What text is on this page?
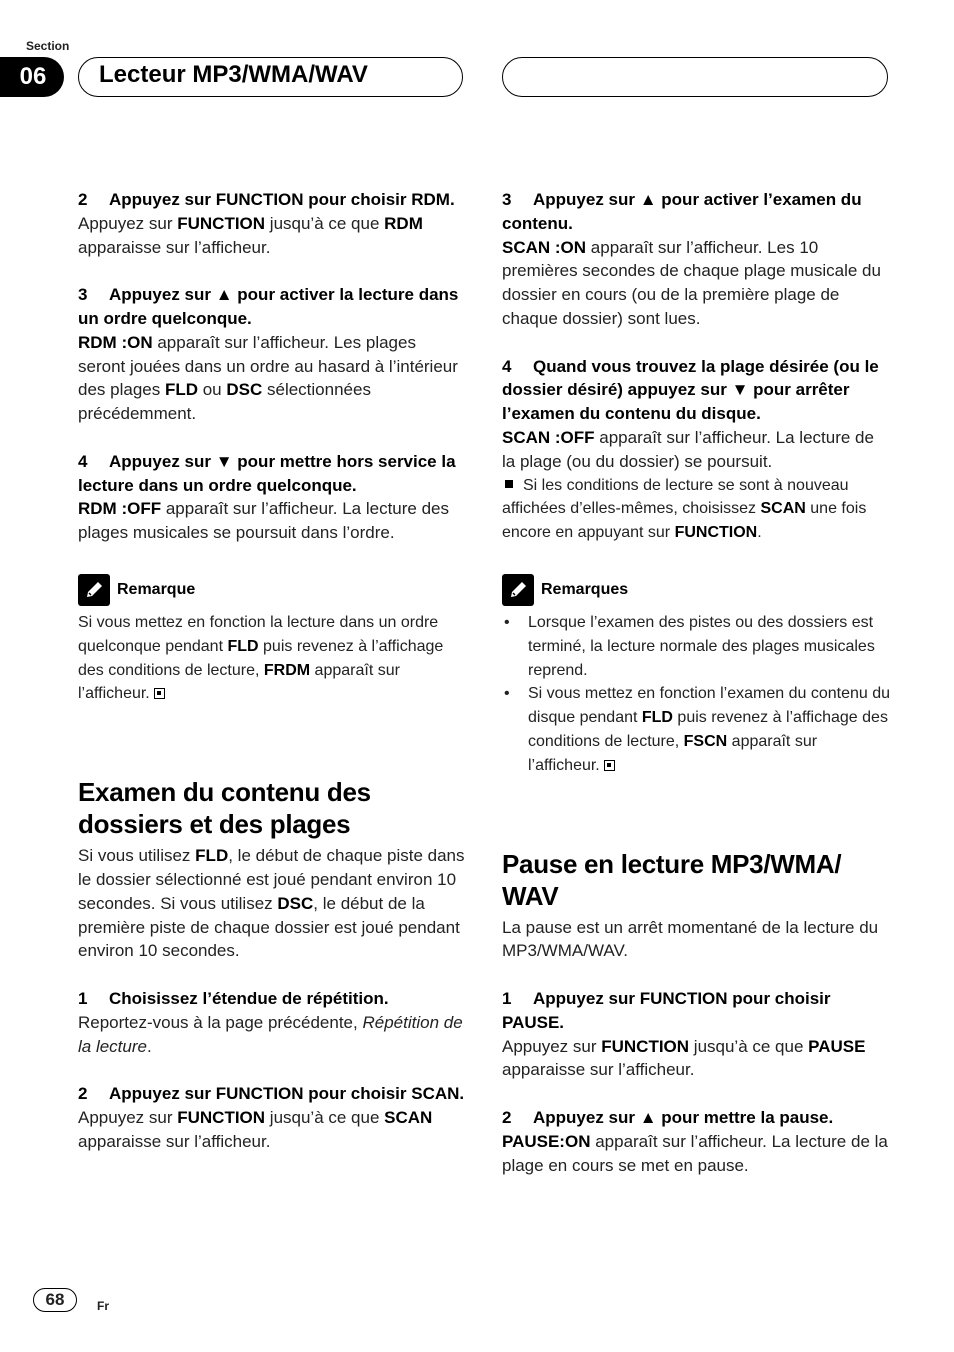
Section
06	Lecteur MP3/WMA/WAV

2 Appuyez sur FUNCTION pour choisir RDM.

Appuyez sur FUNCTION jusqu’à ce que RDM apparaisse sur l’afficheur.

3 Appuyez sur ▲ pour activer la lecture dans un ordre quelconque.

RDM :ON apparaît sur l’afficheur. Les plages seront jouées dans un ordre au hasard à l’intérieur des plages FLD ou DSC sélectionnées précédemment.

4 Appuyez sur ▼ pour mettre hors service la lecture dans un ordre quelconque.

RDM :OFF apparaît sur l’afficheur. La lecture des plages musicales se poursuit dans l’ordre.

Remarque

Si vous mettez en fonction la lecture dans un ordre quelconque pendant FLD puis revenez à l’affichage des conditions de lecture, FRDM apparaît sur l’afficheur.

Examen du contenu des dossiers et des plages

Si vous utilisez FLD, le début de chaque piste dans le dossier sélectionné est joué pendant environ 10 secondes. Si vous utilisez DSC, le début de la première piste de chaque dossier est joué pendant environ 10 secondes.

1 Choisissez l’étendue de répétition.

Reportez-vous à la page précédente, Répétition de la lecture.

2 Appuyez sur FUNCTION pour choisir SCAN.

Appuyez sur FUNCTION jusqu’à ce que SCAN apparaisse sur l’afficheur.

3 Appuyez sur ▲ pour activer l’examen du contenu.

SCAN :ON apparaît sur l’afficheur. Les 10 premières secondes de chaque plage musicale du dossier en cours (ou de la première plage de chaque dossier) sont lues.

4 Quand vous trouvez la plage désirée (ou le dossier désiré) appuyez sur ▼ pour arrêter l’examen du contenu du disque.

SCAN :OFF apparaît sur l’afficheur. La lecture de la plage (ou du dossier) se poursuit.

Si les conditions de lecture se sont à nouveau affichées d’elles-mêmes, choisissez SCAN une fois encore en appuyant sur FUNCTION.

Remarques

• Lorsque l’examen des pistes ou des dossiers est terminé, la lecture normale des plages musicales reprend.

• Si vous mettez en fonction l’examen du contenu du disque pendant FLD puis revenez à l’affichage des conditions de lecture, FSCN apparaît sur l’afficheur.

Pause en lecture MP3/WMA/ WAV

La pause est un arrêt momentané de la lecture du MP3/WMA/WAV.

1 Appuyez sur FUNCTION pour choisir PAUSE.

Appuyez sur FUNCTION jusqu’à ce que PAUSE apparaisse sur l’afficheur.

2 Appuyez sur ▲ pour mettre la pause.

PAUSE:ON apparaît sur l’afficheur. La lecture de la plage en cours se met en pause.

68	Fr
